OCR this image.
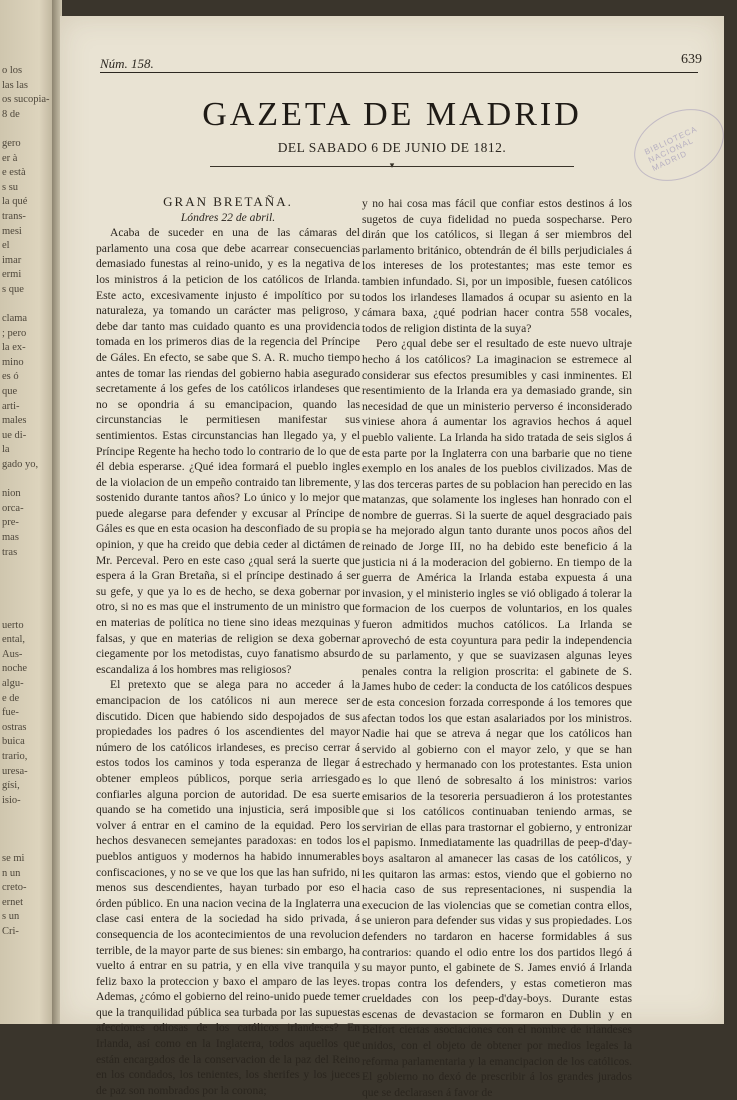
o los
las las
os sucopia-
8 de

gero
er à
e està
s su
la qué
trans-
mesi
el
imar
ermi
s que

clama
; pero
la ex-
mino
es ó
que
arti-
males
ue di-
la
gado yo,

nion
orca-
pre-
mas
tras

uerto
ental,
Aus-
noche
algu-
e de
fue-
ostras
buica
trario,
uresa-
gísi,
isio-

se mi
n un
creto-
ernet
s un
Cri-
Núm. 158.	639
GAZETA DE MADRID
DEL SABADO 6 DE JUNIO DE 1812.
▾
BIBLIOTECA NACIONAL MADRID

GRAN BRETAÑA.

Lóndres 22 de abril.

Acaba de suceder en una de las cámaras del parlamento una cosa que debe acarrear consecuencias demasiado funestas al reino-unido, y es la negativa de los ministros á la peticion de los católicos de Irlanda. Este acto, excesivamente injusto é impolítico por su naturaleza, ya tomando un carácter mas peligroso, y debe dar tanto mas cuidado quanto es una providencia tomada en los primeros dias de la regencia del Príncipe de Gáles. En efecto, se sabe que S. A. R. mucho tiempo antes de tomar las riendas del gobierno habia asegurado secretamente á los gefes de los católicos irlandeses que no se opondria á su emancipacion, quando las circunstancias le permitiesen manifestar sus sentimientos. Estas circunstancias han llegado ya, y el Príncipe Regente ha hecho todo lo contrario de lo que de él debia esperarse. ¿Qué idea formará el pueblo ingles de la violacion de un empeño contraido tan libremente, y sostenido durante tantos años? Lo único y lo mejor que puede alegarse para defender y excusar al Príncipe de Gáles es que en esta ocasion ha desconfiado de su propia opinion, y que ha creido que debia ceder al dictámen de Mr. Perceval. Pero en este caso ¿qual será la suerte que espera á la Gran Bretaña, si el príncipe destinado á ser su gefe, y que ya lo es de hecho, se dexa gobernar por otro, si no es mas que el instrumento de un ministro que en materias de política no tiene sino ideas mezquinas y falsas, y que en materias de religion se dexa gobernar ciegamente por los metodistas, cuyo fanatismo absurdo escandaliza á los hombres mas religiosos?

El pretexto que se alega para no acceder á la emancipacion de los católicos ni aun merece ser discutido. Dicen que habiendo sido despojados de sus propiedades los padres ó los ascendientes del mayor número de los católicos irlandeses, es preciso cerrar á estos todos los caminos y toda esperanza de llegar á obtener empleos públicos, porque seria arriesgado confiarles alguna porcion de autoridad. De esa suerte quando se ha cometido una injusticia, será imposible volver á entrar en el camino de la equidad. Pero los hechos desvanecen semejantes paradoxas: en todos los pueblos antiguos y modernos ha habido innumerables confiscaciones, y no se ve que los que las han sufrido, ni menos sus descendientes, hayan turbado por eso el órden público. En una nacion vecina de la Inglaterra una clase casi entera de la sociedad ha sido privada, á consequencia de los acontecimientos de una revolucion terrible, de la mayor parte de sus bienes: sin embargo, ha vuelto á entrar en su patria, y en ella vive tranquila y feliz baxo la proteccion y baxo el amparo de las leyes. Ademas, ¿cómo el gobierno del reino-unido puede temer que la tranquilidad pública sea turbada por las supuestas afecciones odiosas de los católicos irlandeses? En Irlanda, así como en la Inglaterra, todos aquellos que están encargados de la conservacion de la paz del Reino en los condados, los tenientes, los sherifes y los jueces de paz son nombrados por la corona;

y no hai cosa mas fácil que confiar estos destinos á los sugetos de cuya fidelidad no pueda sospecharse. Pero dirán que los católicos, si llegan á ser miembros del parlamento británico, obtendrán de él bills perjudiciales á los intereses de los protestantes; mas este temor es tambien infundado. Si, por un imposible, fuesen católicos todos los irlandeses llamados á ocupar su asiento en la cámara baxa, ¿qué podrian hacer contra 558 vocales, todos de religion distinta de la suya?

Pero ¿qual debe ser el resultado de este nuevo ultraje hecho á los católicos? La imaginacion se estremece al considerar sus efectos presumibles y casi inminentes. El resentimiento de la Irlanda era ya demasiado grande, sin necesidad de que un ministerio perverso é inconsiderado viniese ahora á aumentar los agravios hechos á aquel pueblo valiente. La Irlanda ha sido tratada de seis siglos á esta parte por la Inglaterra con una barbarie que no tiene exemplo en los anales de los pueblos civilizados. Mas de las dos terceras partes de su poblacion han perecido en las matanzas, que solamente los ingleses han honrado con el nombre de guerras. Si la suerte de aquel desgraciado pais se ha mejorado algun tanto durante unos pocos años del reinado de Jorge III, no ha debido este beneficio á la justicia ni á la moderacion del gobierno. En tiempo de la guerra de América la Irlanda estaba expuesta á una invasion, y el ministerio ingles se vió obligado á tolerar la formacion de los cuerpos de voluntarios, en los quales fueron admitidos muchos católicos. La Irlanda se aprovechó de esta coyuntura para pedir la independencia de su parlamento, y que se suavizasen algunas leyes penales contra la religion proscrita: el gabinete de S. James hubo de ceder: la conducta de los católicos despues de esta concesion forzada corresponde á los temores que afectan todos los que estan asalariados por los ministros. Nadie hai que se atreva á negar que los católicos han servido al gobierno con el mayor zelo, y que se han estrechado y hermanado con los protestantes. Esta union es lo que llenó de sobresalto á los ministros: varios emisarios de la tesoreria persuadieron á los protestantes que si los católicos continuaban teniendo armas, se servirian de ellas para trastornar el gobierno, y entronizar el papismo. Inmediatamente las quadrillas de peep-d'day-boys asaltaron al amanecer las casas de los católicos, y les quitaron las armas: estos, viendo que el gobierno no hacia caso de sus representaciones, ni suspendia la execucion de las violencias que se cometian contra ellos, se unieron para defender sus vidas y sus propiedades. Los defenders no tardaron en hacerse formidables á sus contrarios: quando el odio entre los dos partidos llegó á su mayor punto, el gabinete de S. James envió á Irlanda tropas contra los defenders, y estas cometieron mas crueldades con los peep-d'day-boys. Durante estas escenas de devastacion se formaron en Dublin y en Belfort ciertas asociaciones con el nombre de irlandeses unidos, con el objeto de obtener por medios legales la reforma parlamentaria y la emancipacion de los católicos. El gobierno no dexó de prescribir á los grandes jurados que se declarasen á favor de
